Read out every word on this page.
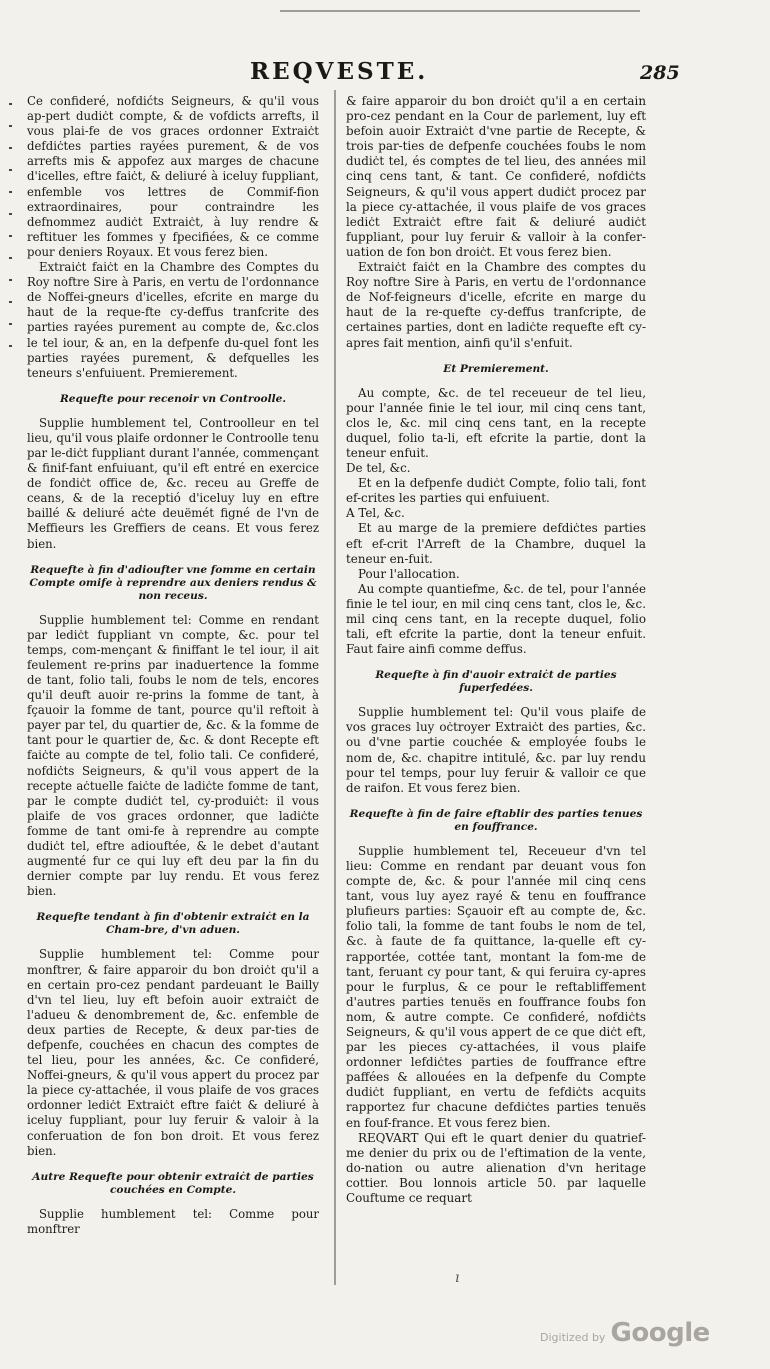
REQVESTE.	285

Ce confideré, nofdićts Seigneurs, & qu'il vous ap-pert dudiċt compte, & de vofdicts arrefts, il vous plai-fe de vos graces ordonner Extraiċt defdiċtes parties rayées purement, & de vos arrefts mis & appofez aux marges de chacune d'icelles, eftre faiċt, & deliuré à iceluy fuppliant, enfemble vos lettres de Commif-fion extraordinaires, pour contraindre les defnommez audiċt Extraiċt, à luy rendre & reftituer les fommes y fpecifiées, & ce comme pour deniers Royaux. Et vous ferez bien.

Extraiċt faiċt en la Chambre des Comptes du Roy noftre Sire à Paris, en vertu de l'ordonnance de Noffei-gneurs d'icelles, efcrite en marge du haut de la reque-fte cy-deffus tranfcrite des parties rayées purement au compte de, &c.clos le tel iour, & an, en la defpenfe du-quel font les parties rayées purement, & defquelles les teneurs s'enfuiuent. Premierement.

Requefte pour recenoir vn Controolle.

Supplie humblement tel, Controolleur en tel lieu, qu'il vous plaife ordonner le Controolle tenu par le-diċt fuppliant durant l'année, commençant & finif-fant enfuiuant, qu'il eft entré en exercice de fondiċt office de, &c. receu au Greffe de ceans, & de la receptió d'iceluy luy en eftre baillé & deliuré aċte deuëmét figné de l'vn de Meffieurs les Greffiers de ceans. Et vous ferez bien.

Requefte à fin d'adioufter vne fomme en certain Compte omife à reprendre aux deniers rendus & non receus.

Supplie humblement tel: Comme en rendant par lediċt fuppliant vn compte, &c. pour tel temps, com-mençant & finiffant le tel iour, il ait feulement re-prins par inaduertence la fomme de tant, folio tali, foubs le nom de tels, encores qu'il deuft auoir re-prins la fomme de tant, à fçauoir la fomme de tant, pource qu'il reftoit à payer par tel, du quartier de, &c. & la fomme de tant pour le quartier de, &c. & dont Recepte eft faiċte au compte de tel, folio tali. Ce confideré, nofdiċts Seigneurs, & qu'il vous appert de la recepte aċtuelle faiċte de ladiċte fomme de tant, par le compte dudiċt tel, cy-produiċt: il vous plaife de vos graces ordonner, que ladiċte fomme de tant omi-fe à reprendre au compte dudiċt tel, eftre adiouftée, & le debet d'autant augmenté fur ce qui luy eft deu par la fin du dernier compte par luy rendu. Et vous ferez bien.

Requefte tendant à fin d'obtenir extraiċt en la Cham-bre, d'vn aduen.

Supplie humblement tel: Comme pour monftrer, & faire apparoir du bon droiċt qu'il a en certain pro-cez pendant pardeuant le Bailly d'vn tel lieu, luy eft befoin auoir extraiċt de l'adueu & denombrement de, &c. enfemble de deux parties de Recepte, & deux par-ties de defpenfe, couchées en chacun des comptes de tel lieu, pour les années, &c. Ce confideré, Noffei-gneurs, & qu'il vous appert du procez par la piece cy-attachée, il vous plaife de vos graces ordonner lediċt Extraiċt eftre faiċt & deliuré à iceluy fuppliant, pour luy feruir & valoir à la conferuation de fon bon droit. Et vous ferez bien.

Autre Requefte pour obtenir extraiċt de parties couchées en Compte.

Supplie humblement tel: Comme pour monftrer

& faire apparoir du bon droiċt qu'il a en certain pro-cez pendant en la Cour de parlement, luy eft befoin auoir Extraiċt d'vne partie de Recepte, & trois par-ties de defpenfe couchées foubs le nom dudiċt tel, és comptes de tel lieu, des années mil cinq cens tant, & tant. Ce confideré, nofdiċts Seigneurs, & qu'il vous appert dudiċt procez par la piece cy-attachée, il vous plaife de vos graces lediċt Extraiċt eftre fait & deliuré audiċt fuppliant, pour luy feruir & valloir à la confer-uation de fon bon droiċt. Et vous ferez bien.

Extraiċt faiċt en la Chambre des comptes du Roy noftre Sire à Paris, en vertu de l'ordonnance de Nof-feigneurs d'icelle, efcrite en marge du haut de la re-quefte cy-deffus tranfcripte, de certaines parties, dont en ladiċte requefte eft cy-apres fait mention, ainfi qu'il s'enfuit.

Et Premierement.

Au compte, &c. de tel receueur de tel lieu, pour l'année finie le tel iour, mil cinq cens tant, clos le, &c. mil cinq cens tant, en la recepte duquel, folio ta-li, eft efcrite la partie, dont la teneur enfuit.

De tel, &c.

Et en la defpenfe dudiċt Compte, folio tali, font ef-crites les parties qui enfuiuent.

A Tel, &c.

Et au marge de la premiere defdiċtes parties eft ef-crit l'Arreft de la Chambre, duquel la teneur en-fuit.

Pour l'allocation.

Au compte quantiefme, &c. de tel, pour l'année finie le tel iour, en mil cinq cens tant, clos le, &c. mil cinq cens tant, en la recepte duquel, folio tali, eft efcrite la partie, dont la teneur enfuit. Faut faire ainfi comme deffus.

Requefte à fin d'auoir extraiċt de parties fuperfedées.

Supplie humblement tel: Qu'il vous plaife de vos graces luy oċtroyer Extraiċt des parties, &c. ou d'vne partie couchée & employée foubs le nom de, &c. chapitre intitulé, &c. par luy rendu pour tel temps, pour luy feruir & valloir ce que de raifon. Et vous ferez bien.

Requefte à fin de faire eftablir des parties tenues en fouffrance.

Supplie humblement tel, Receueur d'vn tel lieu: Comme en rendant par deuant vous fon compte de, &c. & pour l'année mil cinq cens tant, vous luy ayez rayé & tenu en fouffrance plufieurs parties: Sçauoir eft au compte de, &c. folio tali, la fomme de tant foubs le nom de tel, &c. à faute de fa quittance, la-quelle eft cy-rapportée, cottée tant, montant la fom-me de tant, feruant cy pour tant, & qui feruira cy-apres pour le furplus, & ce pour le reftabliffement d'autres parties tenuës en fouffrance foubs fon nom, & autre compte. Ce confideré, nofdiċts Seigneurs, & qu'il vous appert de ce que diċt eft, par les pieces cy-attachées, il vous plaife ordonner lefdiċtes parties de fouffrance eftre paffées & allouées en la defpenfe du Compte dudiċt fuppliant, en vertu de fefdiċts acquits rapportez fur chacune defdiċtes parties tenuës en fouf-france. Et vous ferez bien.

REQVART Qui eft le quart denier du quatrief-me denier du prix ou de l'eftimation de la vente, do-nation ou autre alienation d'vn heritage cottier. Bou lonnois article 50. par laquelle Couftume ce requart

ı
Digitized by Google
